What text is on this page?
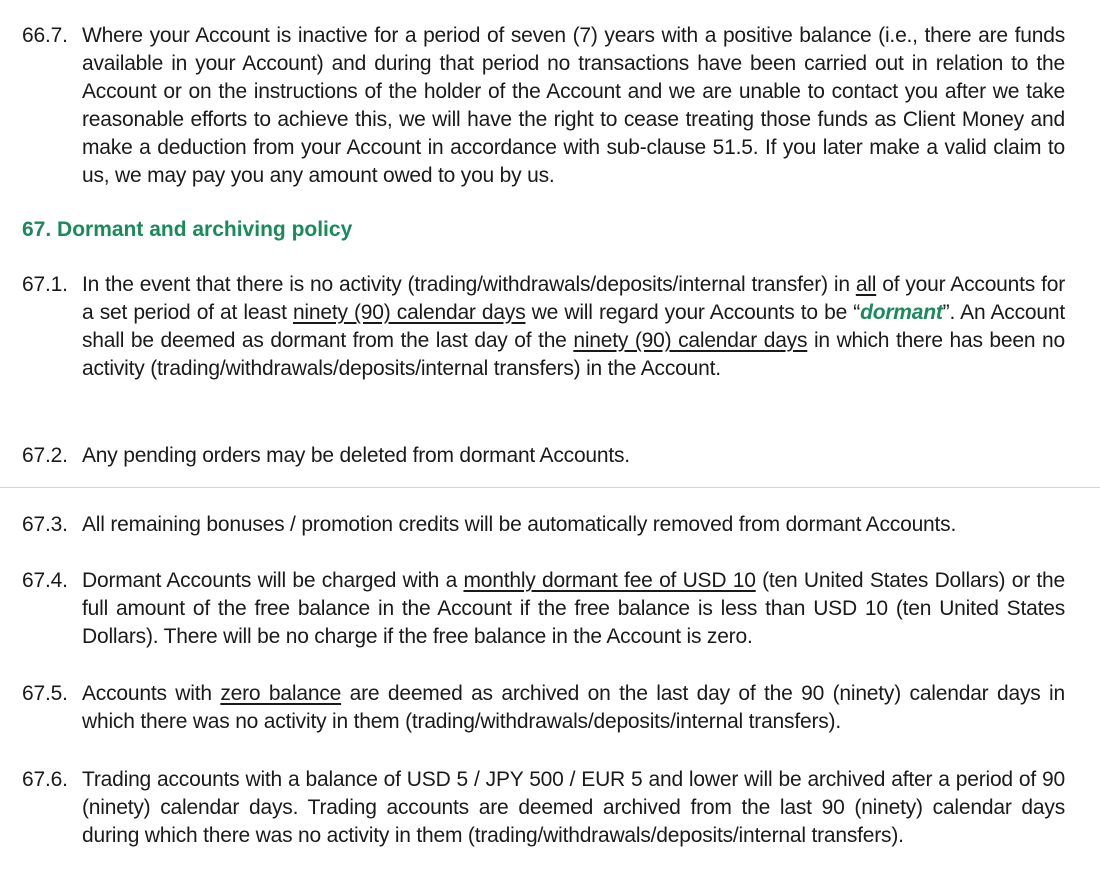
66.7. Where your Account is inactive for a period of seven (7) years with a positive balance (i.e., there are funds available in your Account) and during that period no transactions have been carried out in relation to the Account or on the instructions of the holder of the Account and we are unable to contact you after we take reasonable efforts to achieve this, we will have the right to cease treating those funds as Client Money and make a deduction from your Account in accordance with sub-clause 51.5. If you later make a valid claim to us, we may pay you any amount owed to you by us.
67. Dormant and archiving policy
67.1. In the event that there is no activity (trading/withdrawals/deposits/internal transfer) in all of your Accounts for a set period of at least ninety (90) calendar days we will regard your Accounts to be “dormant”. An Account shall be deemed as dormant from the last day of the ninety (90) calendar days in which there has been no activity (trading/withdrawals/deposits/internal transfers) in the Account.
67.2. Any pending orders may be deleted from dormant Accounts.
67.3. All remaining bonuses / promotion credits will be automatically removed from dormant Accounts.
67.4. Dormant Accounts will be charged with a monthly dormant fee of USD 10 (ten United States Dollars) or the full amount of the free balance in the Account if the free balance is less than USD 10 (ten United States Dollars). There will be no charge if the free balance in the Account is zero.
67.5. Accounts with zero balance are deemed as archived on the last day of the 90 (ninety) calendar days in which there was no activity in them (trading/withdrawals/deposits/internal transfers).
67.6. Trading accounts with a balance of USD 5 / JPY 500 / EUR 5 and lower will be archived after a period of 90 (ninety) calendar days. Trading accounts are deemed archived from the last 90 (ninety) calendar days during which there was no activity in them (trading/withdrawals/deposits/internal transfers).
